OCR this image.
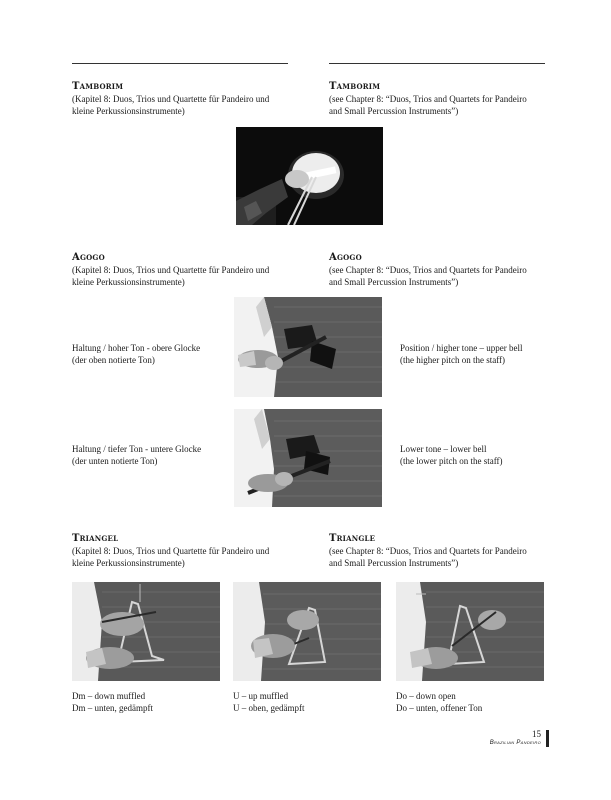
Tamborim
(Kapitel 8: Duos, Trios und Quartette für Pandeiro und
kleine Perkussionsinstrumente)
Tamborim
(see Chapter 8: “Duos, Trios and Quartets for Pandeiro
and Small Percussion Instruments”)
Agogo
(Kapitel 8: Duos, Trios und Quartette für Pandeiro und
kleine Perkussionsinstrumente)
Agogo
(see Chapter 8: “Duos, Trios and Quartets for Pandeiro
and Small Percussion Instruments”)
Haltung / hoher Ton - obere Glocke
(der oben notierte Ton)
Position / higher tone – upper bell
(the higher pitch on the staff)
Haltung / tiefer Ton - untere Glocke
(der unten notierte Ton)
Lower tone – lower bell
(the lower pitch on the staff)
Triangel
(Kapitel 8: Duos, Trios und Quartette für Pandeiro und
kleine Perkussionsinstrumente)
Triangle
(see Chapter 8: “Duos, Trios and Quartets for Pandeiro
and Small Percussion Instruments”)
Dm – down muffled
Dm – unten, gedämpft
U – up muffled
U – oben, gedämpft
Do – down open
Do – unten, offener Ton
15
Brazilian Pandeiro
